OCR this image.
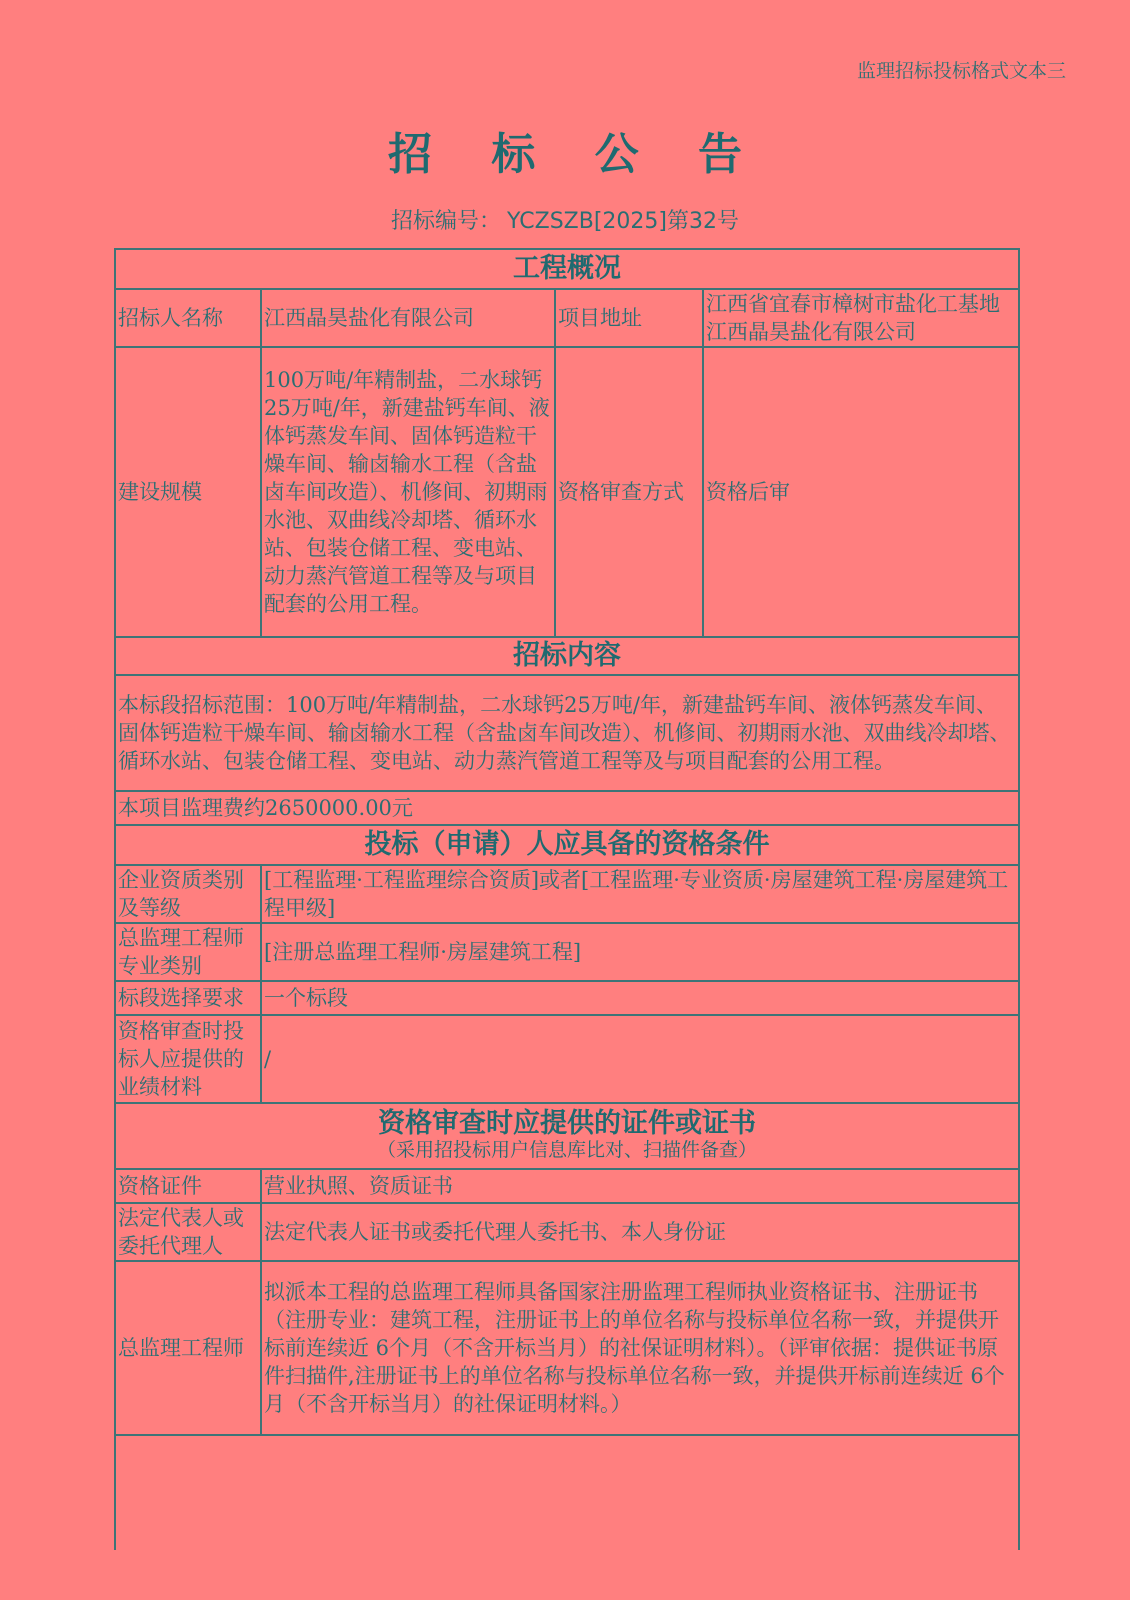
监理招标投标格式文本三
招 标 公 告
招标编号： YCZSZB[2025]第32号
工程概况			
招标人名称	江西晶昊盐化有限公司	项目地址	江西省宜春市樟树市盐化工基地江西晶昊盐化有限公司
建设规模	100万吨/年精制盐，二水球钙25万吨/年，新建盐钙车间、液体钙蒸发车间、固体钙造粒干燥车间、输卤输水工程（含盐卤车间改造）、机修间、初期雨水池、双曲线冷却塔、循环水站、包装仓储工程、变电站、动力蒸汽管道工程等及与项目配套的公用工程。	资格审查方式	资格后审
招标内容			
本标段招标范围：100万吨/年精制盐，二水球钙25万吨/年，新建盐钙车间、液体钙蒸发车间、固体钙造粒干燥车间、输卤输水工程（含盐卤车间改造）、机修间、初期雨水池、双曲线冷却塔、循环水站、包装仓储工程、变电站、动力蒸汽管道工程等及与项目配套的公用工程。			
本项目监理费约2650000.00元			
投标（申请）人应具备的资格条件			
企业资质类别及等级	[工程监理·工程监理综合资质]或者[工程监理·专业资质·房屋建筑工程·房屋建筑工程甲级]		
总监理工程师专业类别	[注册总监理工程师·房屋建筑工程]		
标段选择要求	一个标段		
资格审查时投标人应提供的业绩材料	/		
资格审查时应提供的证件或证书
（采用招投标用户信息库比对、扫描件备查）			

资格证件	营业执照、资质证书		
法定代表人或委托代理人	法定代表人证书或委托代理人委托书、本人身份证		
总监理工程师	拟派本工程的总监理工程师具备国家注册监理工程师执业资格证书、注册证书（注册专业：建筑工程，注册证书上的单位名称与投标单位名称一致，并提供开标前连续近 6个月（不含开标当月）的社保证明材料）。（评审依据：提供证书原件扫描件,注册证书上的单位名称与投标单位名称一致，并提供开标前连续近 6个月（不含开标当月）的社保证明材料。）		
